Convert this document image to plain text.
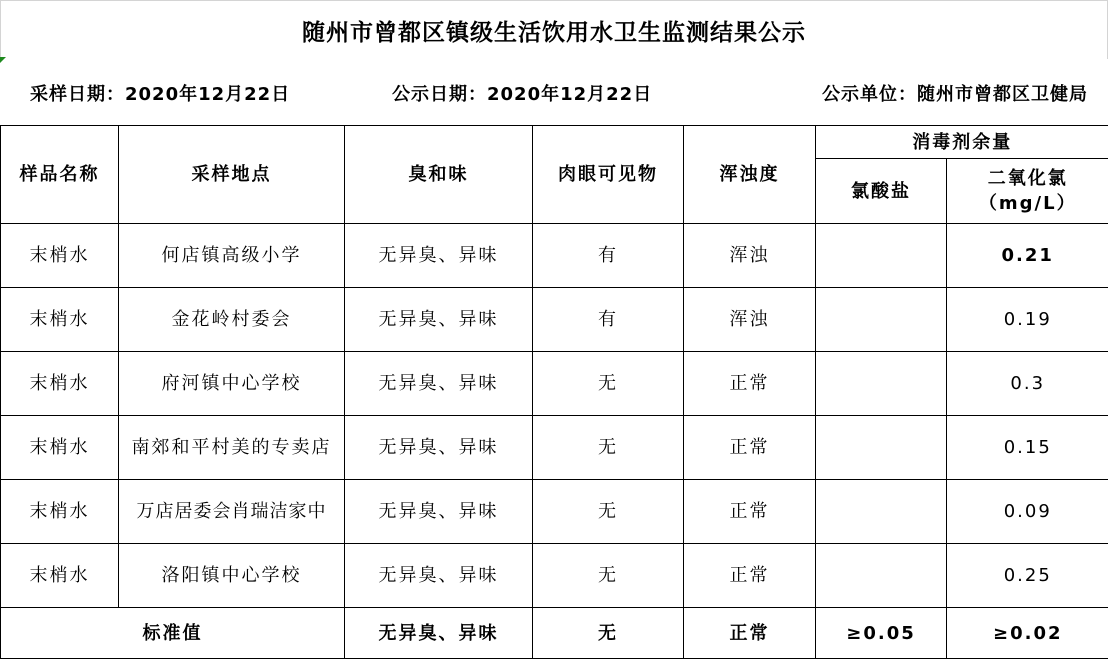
随州市曾都区镇级生活饮用水卫生监测结果公示
采样日期：2020年12月22日	公示日期：2020年12月22日	公示单位：随州市曾都区卫健局
样品名称	采样地点	臭和味	肉眼可见物	浑浊度	消毒剂余量	
					氯酸盐	二氧化氯
（mg/L）
末梢水	何店镇高级小学	无异臭、异味	有	浑浊		0.21
末梢水	金花岭村委会	无异臭、异味	有	浑浊		0.19
末梢水	府河镇中心学校	无异臭、异味	无	正常		0.3
末梢水	南郊和平村美的专卖店	无异臭、异味	无	正常		0.15
末梢水	万店居委会肖瑞洁家中	无异臭、异味	无	正常		0.09
末梢水	洛阳镇中心学校	无异臭、异味	无	正常		0.25
标准值		无异臭、异味	无	正常	≥0.05	≥0.02
